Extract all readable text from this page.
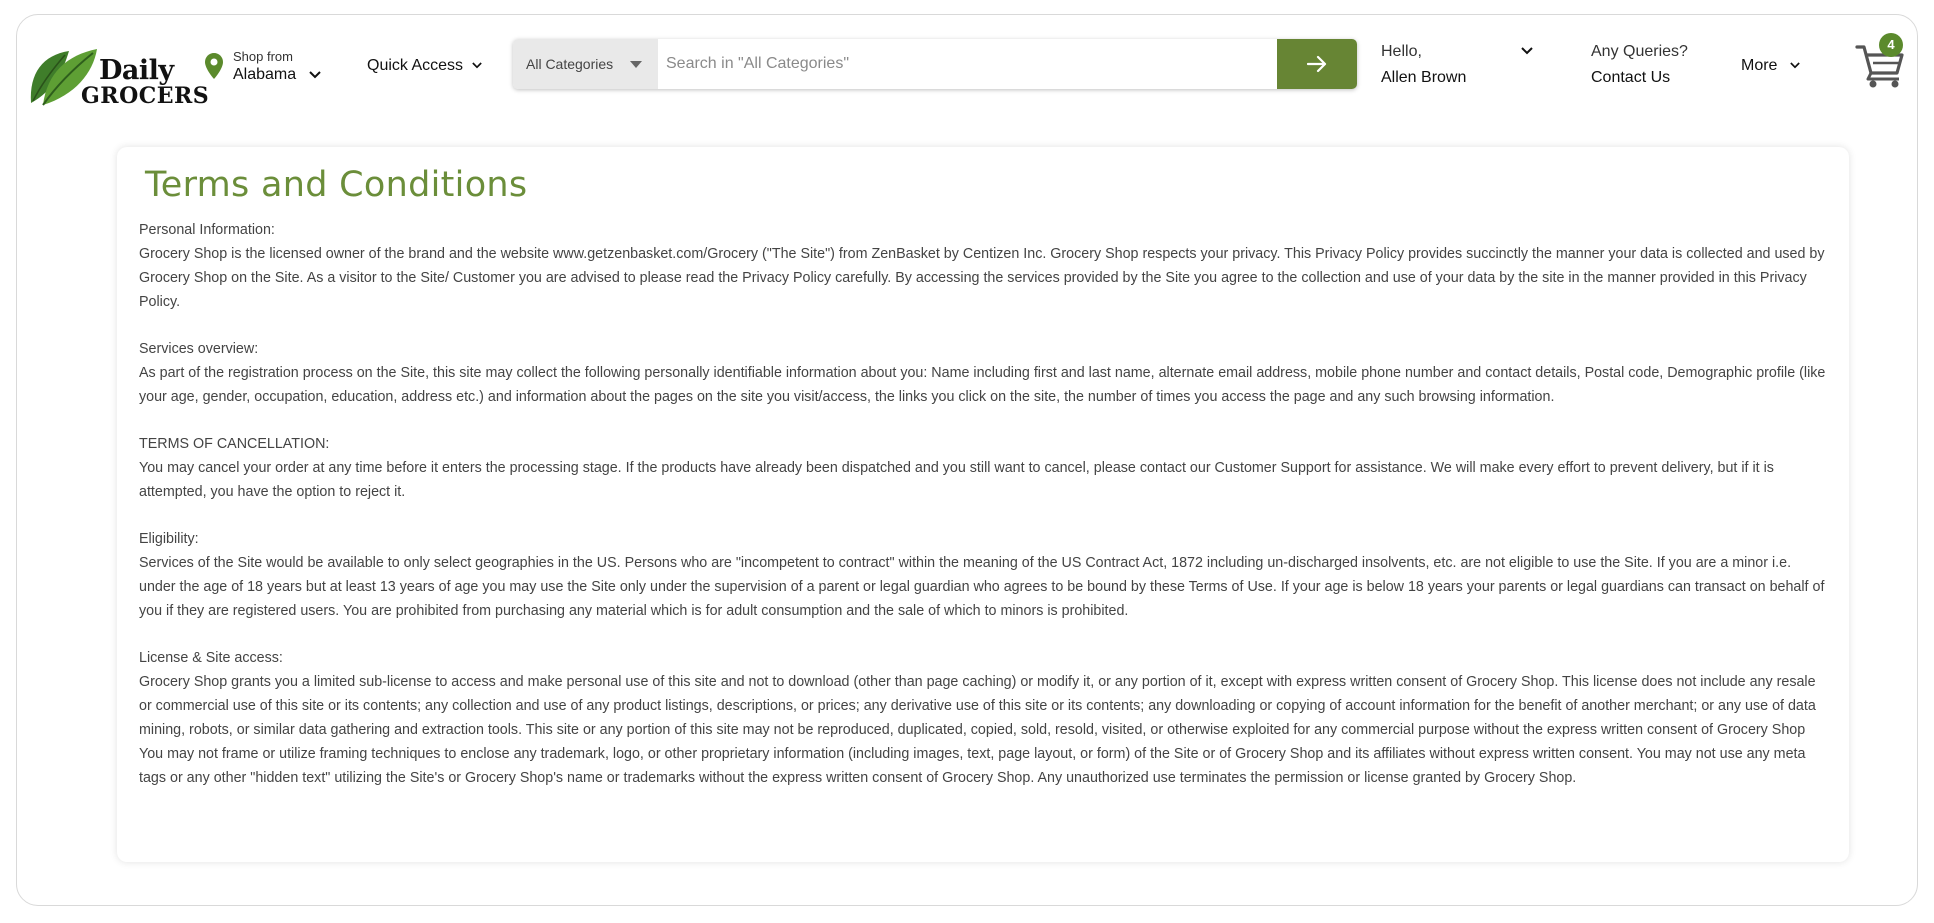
Daily
GROCERS
Shop from
Alabama
Quick Access	All Categories
Search in "All Categories"
Hello,
Allen Brown
Any Queries?
Contact Us
More
4
Terms and Conditions
Personal Information:
Grocery Shop is the licensed owner of the brand and the website www.getzenbasket.com/Grocery ("The Site") from ZenBasket by Centizen Inc. Grocery Shop respects your privacy. This Privacy Policy provides succinctly the manner your data is collected and used by Grocery Shop on the Site. As a visitor to the Site/ Customer you are advised to please read the Privacy Policy carefully. By accessing the services provided by the Site you agree to the collection and use of your data by the site in the manner provided in this Privacy Policy.
Services overview:
As part of the registration process on the Site, this site may collect the following personally identifiable information about you: Name including first and last name, alternate email address, mobile phone number and contact details, Postal code, Demographic profile (like your age, gender, occupation, education, address etc.) and information about the pages on the site you visit/access, the links you click on the site, the number of times you access the page and any such browsing information.
TERMS OF CANCELLATION:
You may cancel your order at any time before it enters the processing stage. If the products have already been dispatched and you still want to cancel, please contact our Customer Support for assistance. We will make every effort to prevent delivery, but if it is attempted, you have the option to reject it.
Eligibility:
Services of the Site would be available to only select geographies in the US. Persons who are "incompetent to contract" within the meaning of the US Contract Act, 1872 including un-discharged insolvents, etc. are not eligible to use the Site. If you are a minor i.e. under the age of 18 years but at least 13 years of age you may use the Site only under the supervision of a parent or legal guardian who agrees to be bound by these Terms of Use. If your age is below 18 years your parents or legal guardians can transact on behalf of you if they are registered users. You are prohibited from purchasing any material which is for adult consumption and the sale of which to minors is prohibited.
License & Site access:
Grocery Shop grants you a limited sub-license to access and make personal use of this site and not to download (other than page caching) or modify it, or any portion of it, except with express written consent of Grocery Shop. This license does not include any resale or commercial use of this site or its contents; any collection and use of any product listings, descriptions, or prices; any derivative use of this site or its contents; any downloading or copying of account information for the benefit of another merchant; or any use of data mining, robots, or similar data gathering and extraction tools. This site or any portion of this site may not be reproduced, duplicated, copied, sold, resold, visited, or otherwise exploited for any commercial purpose without the express written consent of Grocery Shop You may not frame or utilize framing techniques to enclose any trademark, logo, or other proprietary information (including images, text, page layout, or form) of the Site or of Grocery Shop and its affiliates without express written consent. You may not use any meta tags or any other "hidden text" utilizing the Site's or Grocery Shop's name or trademarks without the express written consent of Grocery Shop. Any unauthorized use terminates the permission or license granted by Grocery Shop.
